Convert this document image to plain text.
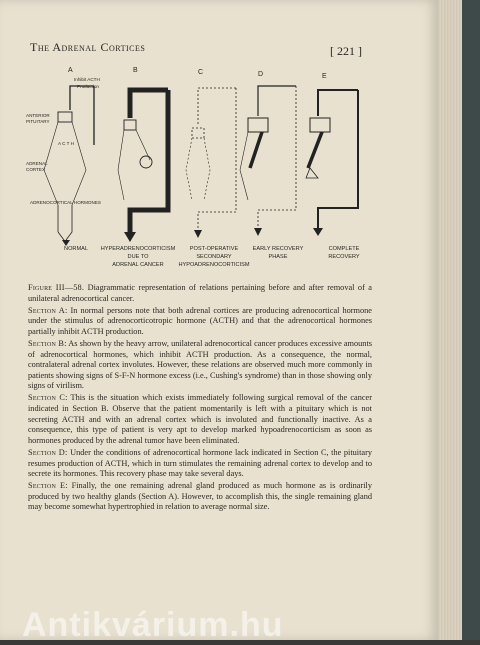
The Adrenal Cortices	[ 221 ]
A	B	C	D	E
Inhibit ACTH
Production
ANTERIOR
PITUITARY
A C T H
ADRENAL
CORTEX
ADRENOCORTICAL HORMONES
NORMAL HYPERADRENOCORTICISM
DUE TO
ADRENAL CANCER
POST-OPERATIVE
SECONDARY
HYPOADRENOCORTICISM
EARLY RECOVERY
PHASE
COMPLETE
RECOVERY

Figure III—58. Diagrammatic representation of relations pertaining before and after removal of a unilateral adrenocortical cancer.

Section A: In normal persons note that both adrenal cortices are producing adrenocortical hormone under the stimulus of adrenocorticotropic hormone (ACTH) and that the adrenocortical hormones partially inhibit ACTH production.

Section B: As shown by the heavy arrow, unilateral adrenocortical cancer produces excessive amounts of adrenocortical hormones, which inhibit ACTH production. As a consequence, the normal, contralateral adrenal cortex involutes. However, these relations are observed much more commonly in patients showing signs of S-F-N hormone excess (i.e., Cushing's syndrome) than in those showing only signs of virilism.

Section C: This is the situation which exists immediately following surgical removal of the cancer indicated in Section B. Observe that the patient momentarily is left with a pituitary which is not secreting ACTH and with an adrenal cortex which is involuted and functionally inactive. As a consequence, this type of patient is very apt to develop marked hypoadrenocorticism as soon as hormones produced by the adrenal tumor have been eliminated.

Section D: Under the conditions of adrenocortical hormone lack indicated in Section C, the pituitary resumes production of ACTH, which in turn stimulates the remaining adrenal cortex to develop and to secrete its hormones. This recovery phase may take several days.

Section E: Finally, the one remaining adrenal gland produced as much hormone as is ordinarily produced by two healthy glands (Section A). However, to accomplish this, the single remaining gland may become somewhat hypertrophied in relation to average normal size.

Antikvárium.hu
